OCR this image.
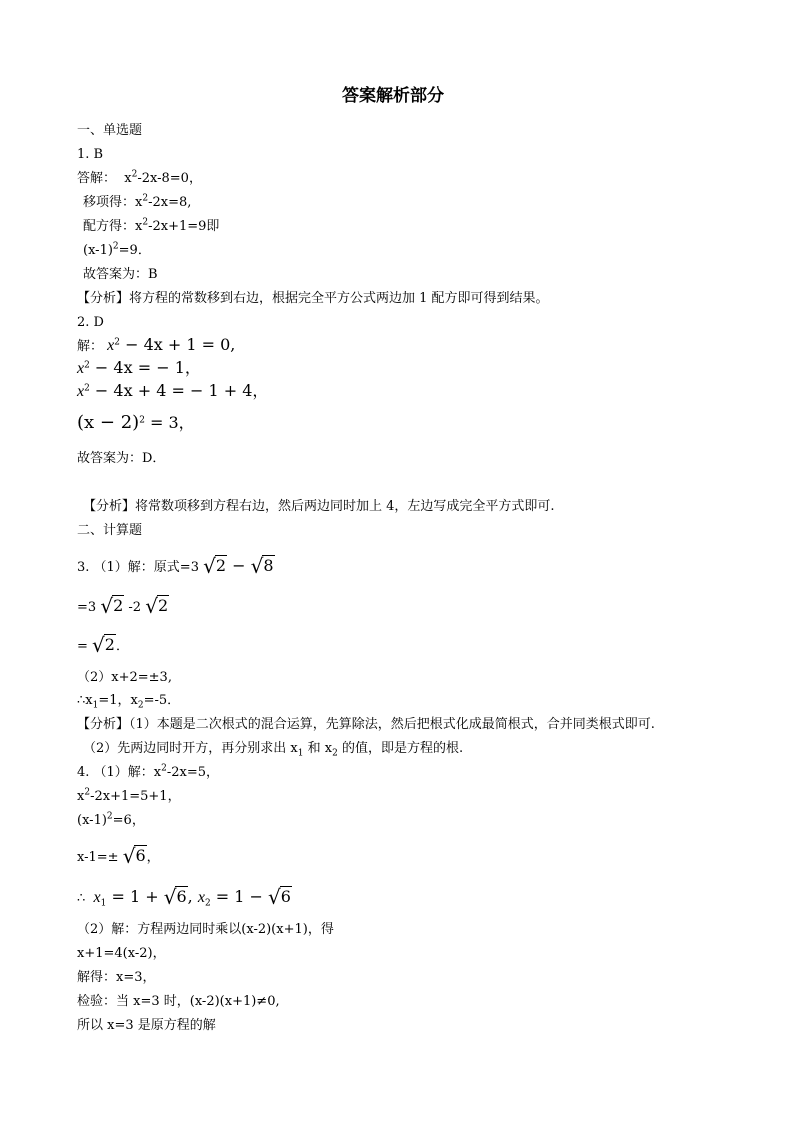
答案解析部分
一、单选题
1. B
答解： $x^2-2x-8=0$，
移项得：$x^2-2x=8$,
配方得：$x^2-2x+1=9$即
$(x-1)^2=9$．
故答案为：B
【分析】将方程的常数移到右边，根据完全平方公式两边加 1 配方即可得到结果。
2. D
解： $x^2 - 4x + 1 = 0$,
$x^2 - 4x$ = − 1，
$x^2 - 4x + 4$ = − 1 + 4，
$(x - 2)^2 = 3$，
故答案为：D．
【分析】将常数项移到方程右边，然后两边同时加上 4，左边写成完全平方式即可.
二、计算题
3. （1）解：原式=3 √2 − √8
=3 √2 -2 √2
= √2．
（2）x+2=±3,
$\therefore x_1=1$，$x_2=-5$．
【分析】（1）本题是二次根式的混合运算，先算除法，然后把根式化成最简根式，合并同类根式即可.
（2）先两边同时开方，再分别求出 $x_1$ 和 $x_2$ 的值，即是方程的根.
4. （1）解：$x^2-2x=5$，
$x^2-2x+1=5+1$，
$(x-1)^2=6$，
x-1=± √6，
∴ $x_1 = 1 + √6$, $x_2 = 1 - √6$
（2）解：方程两边同时乘以(x-2)(x+1)，得
x+1=4(x-2)，
解得：x=3，
检验：当 x=3 时，(x-2)(x+1)≠0,
所以 x=3 是原方程的解
